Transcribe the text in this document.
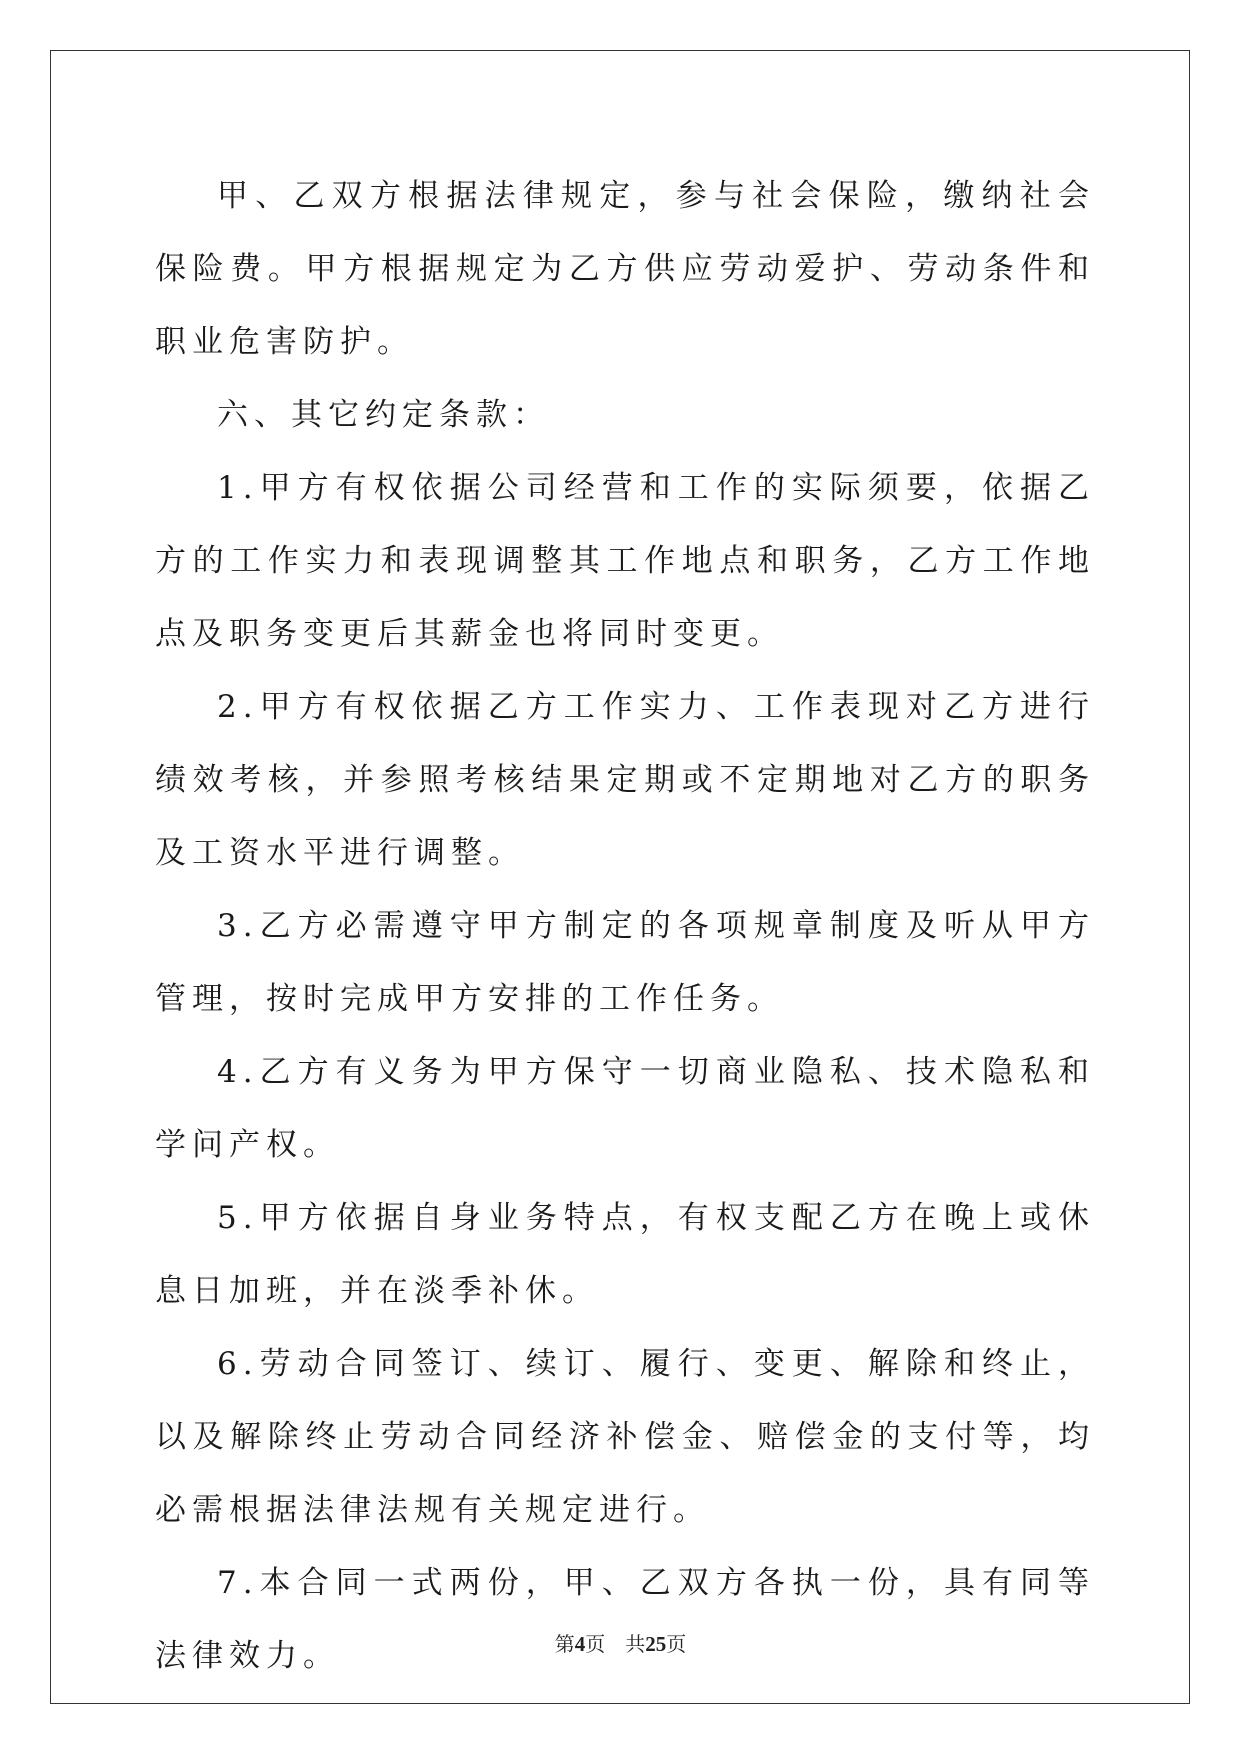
甲、乙双方根据法律规定，参与社会保险，缴纳社会保险费。甲方根据规定为乙方供应劳动爱护、劳动条件和职业危害防护。

六、其它约定条款：

1.甲方有权依据公司经营和工作的实际须要，依据乙方的工作实力和表现调整其工作地点和职务，乙方工作地点及职务变更后其薪金也将同时变更。

2.甲方有权依据乙方工作实力、工作表现对乙方进行绩效考核，并参照考核结果定期或不定期地对乙方的职务及工资水平进行调整。

3.乙方必需遵守甲方制定的各项规章制度及听从甲方管理，按时完成甲方安排的工作任务。

4.乙方有义务为甲方保守一切商业隐私、技术隐私和学问产权。

5.甲方依据自身业务特点，有权支配乙方在晚上或休息日加班，并在淡季补休。

6.劳动合同签订、续订、履行、变更、解除和终止，以及解除终止劳动合同经济补偿金、赔偿金的支付等，均必需根据法律法规有关规定进行。

7.本合同一式两份，甲、乙双方各执一份，具有同等法律效力。	第4页 共25页
